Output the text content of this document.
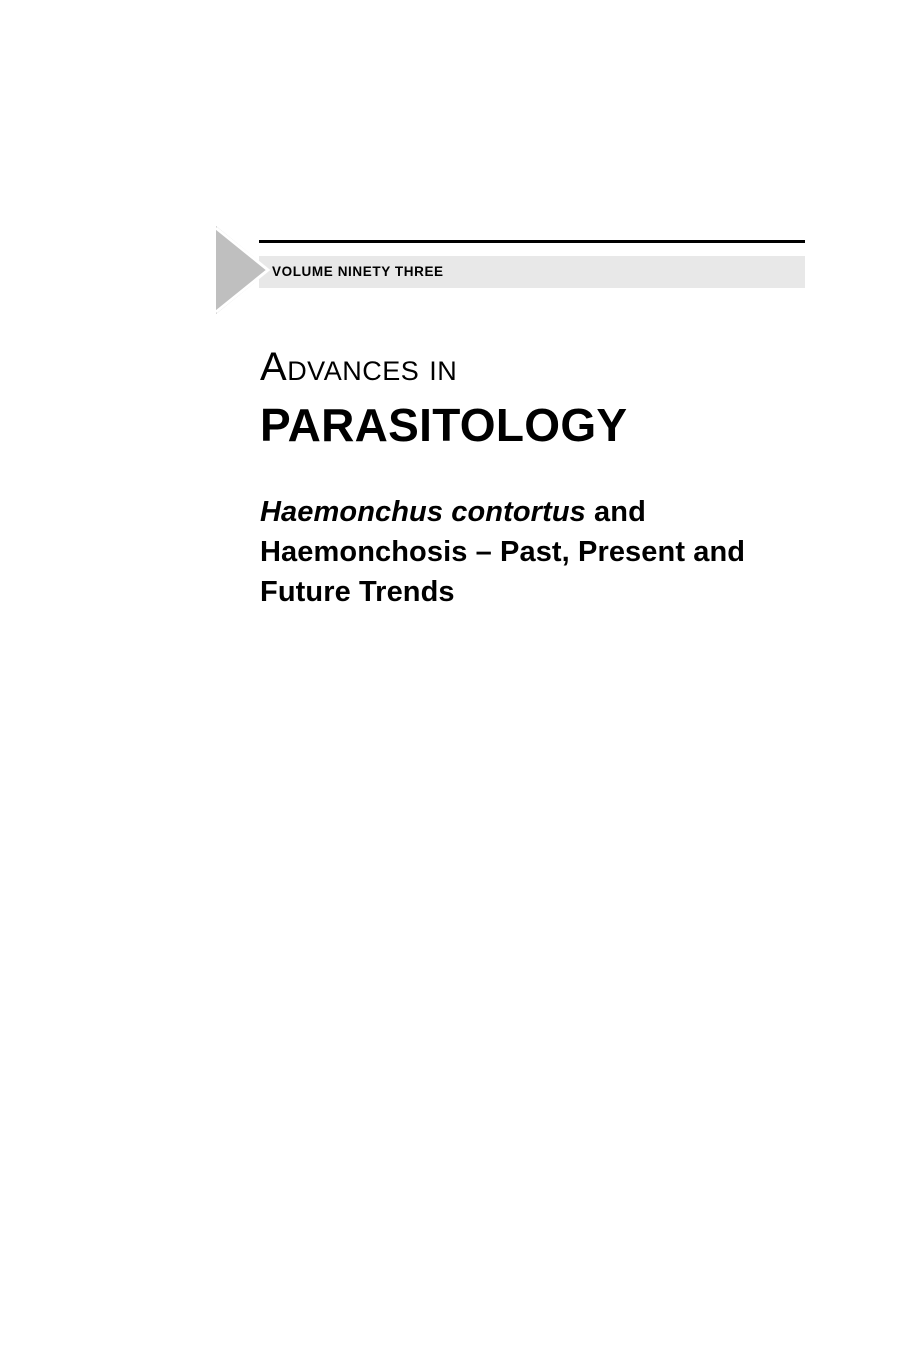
VOLUME NINETY THREE
ADVANCES IN
PARASITOLOGY
Haemonchus contortus and Haemonchosis – Past, Present and Future Trends
